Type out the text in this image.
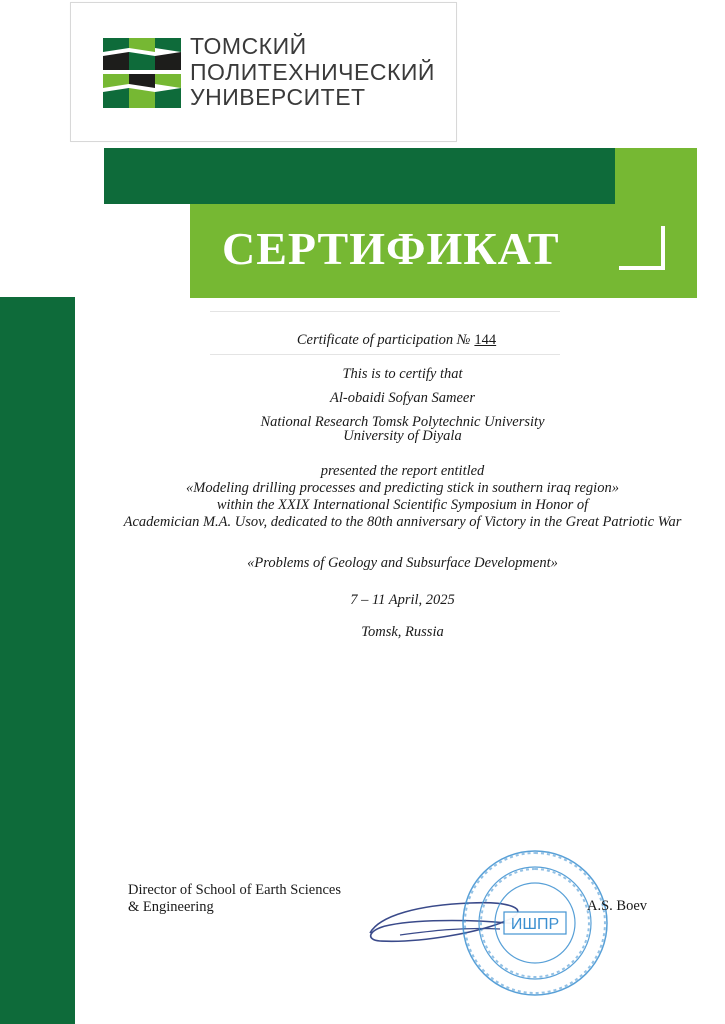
ТОМСКИЙ
ПОЛИТЕХНИЧЕСКИЙ
УНИВЕРСИТЕТ
СЕРТИФИКАТ
Certificate of participation № 144
This is to certify that
Al-obaidi Sofyan Sameer
National Research Tomsk Polytechnic University
University of Diyala
presented the report entitled
«Modeling drilling processes and predicting stick in southern iraq region»
within the XXIX International Scientific Symposium in Honor of
Academician M.A. Usov, dedicated to the 80th anniversary of Victory in the Great Patriotic War
«Problems of Geology and Subsurface Development»
7 – 11 April, 2025
Tomsk, Russia
Director of School of Earth Sciences
& Engineering
ИШПР
A.S. Boev
